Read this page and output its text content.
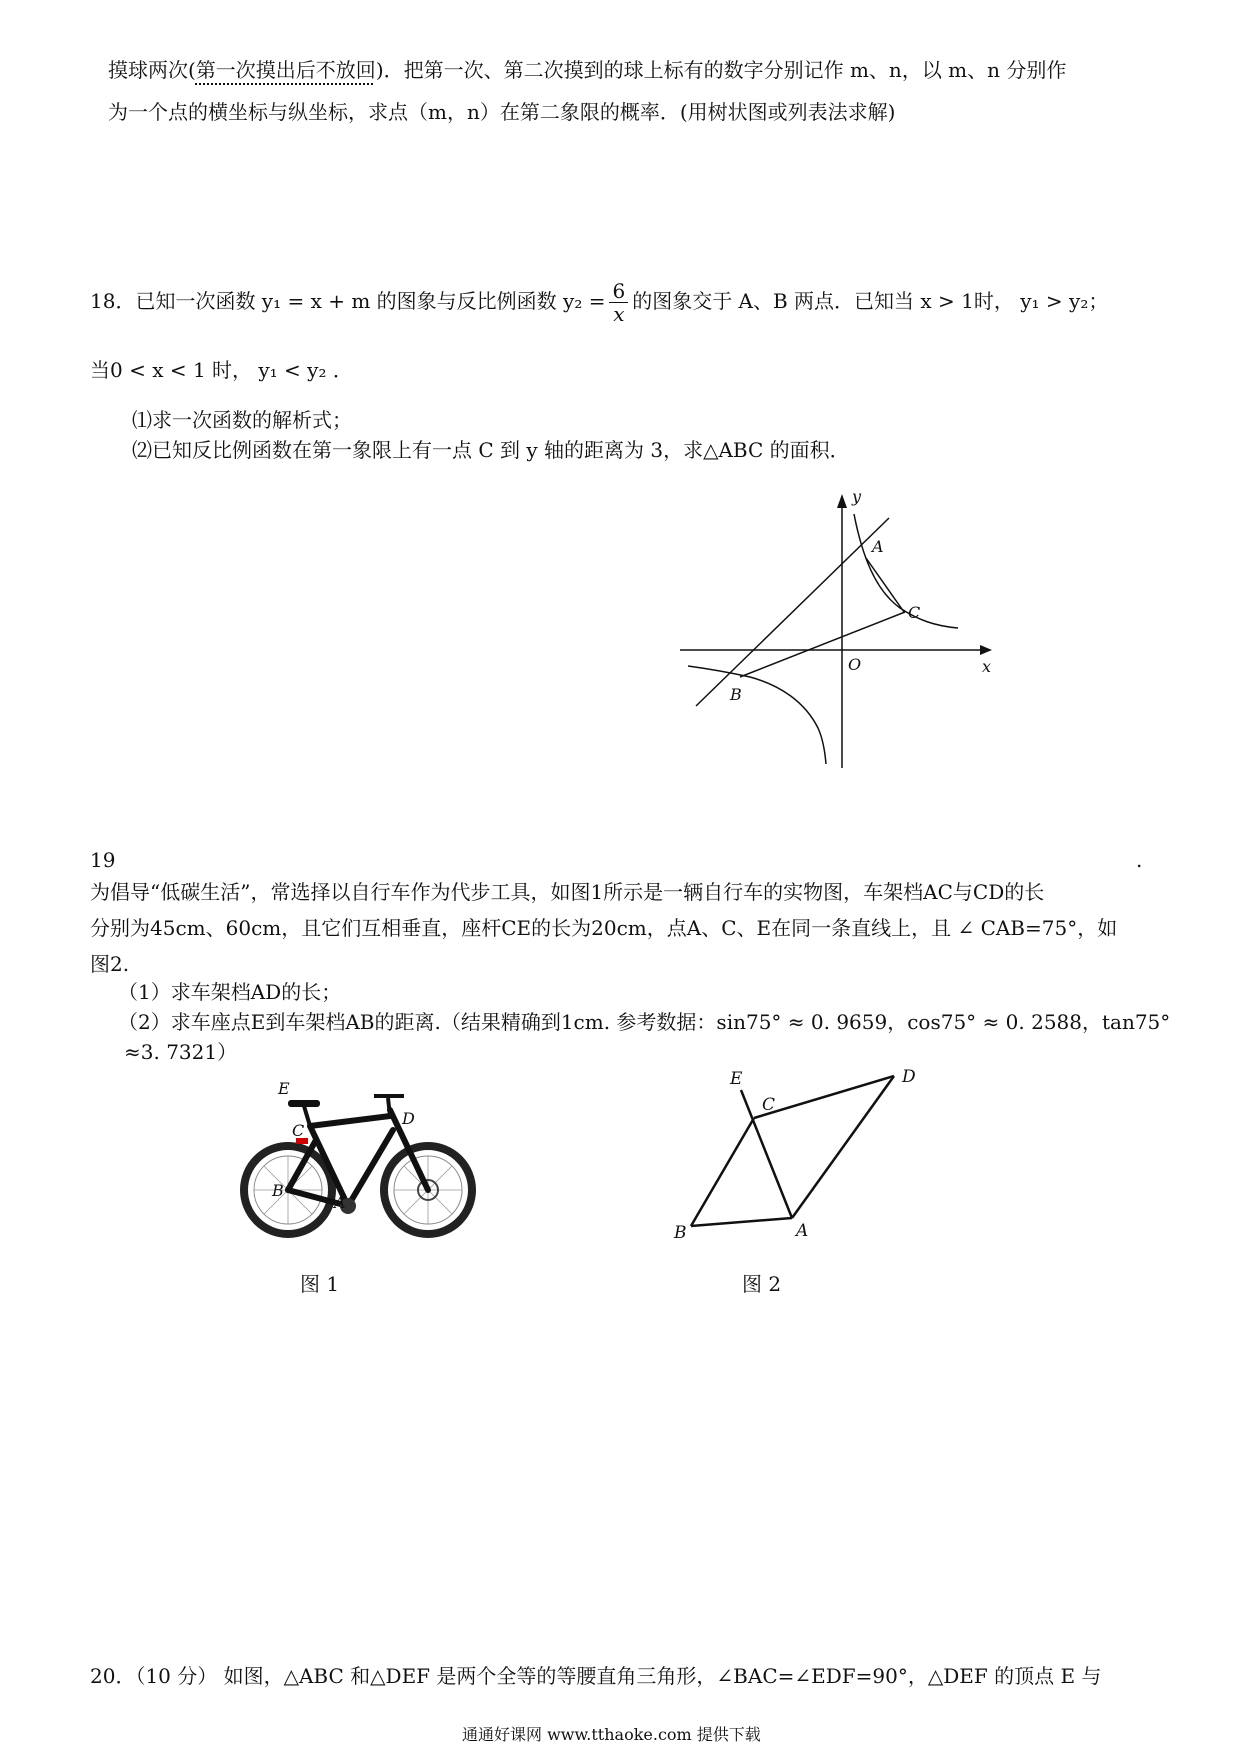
摸球两次(第一次摸出后不放回)．把第一次、第二次摸到的球上标有的数字分别记作 m、n，以 m、n 分别作
为一个点的横坐标与纵坐标，求点（m，n）在第二象限的概率．(用树状图或列表法求解)
18．已知一次函数 y₁ = x + m 的图象与反比例函数 $y_2 = \frac{6}{x}$ 的图象交于 A、B 两点．已知当 x > 1时， y₁ > y₂；
当0 < x < 1 时， y₁ < y₂ ．
⑴求一次函数的解析式；
⑵已知反比例函数在第一象限上有一点 C 到 y 轴的距离为 3，求△ABC 的面积．
y
x
O
A
B
C
19	.
为倡导“低碳生活”，常选择以自行车作为代步工具，如图1所示是一辆自行车的实物图，车架档AC与CD的长
分别为45cm、60cm，且它们互相垂直，座杆CE的长为20cm，点A、C、E在同一条直线上，且 ∠ CAB=75°，如
图2.
（1）求车架档AD的长；
（2）求车座点E到车架档AB的距离.（结果精确到1cm. 参考数据：sin75° ≈ 0. 9659，cos75° ≈ 0. 2588，tan75°
≈3. 7321）
E
C
D
B
A
图 1
E
C
D
B	A
图 2
20．（10 分） 如图，△ABC 和△DEF 是两个全等的等腰直角三角形，∠BAC=∠EDF=90°，△DEF 的顶点 E 与
通通好课网 www.tthaoke.com 提供下载
